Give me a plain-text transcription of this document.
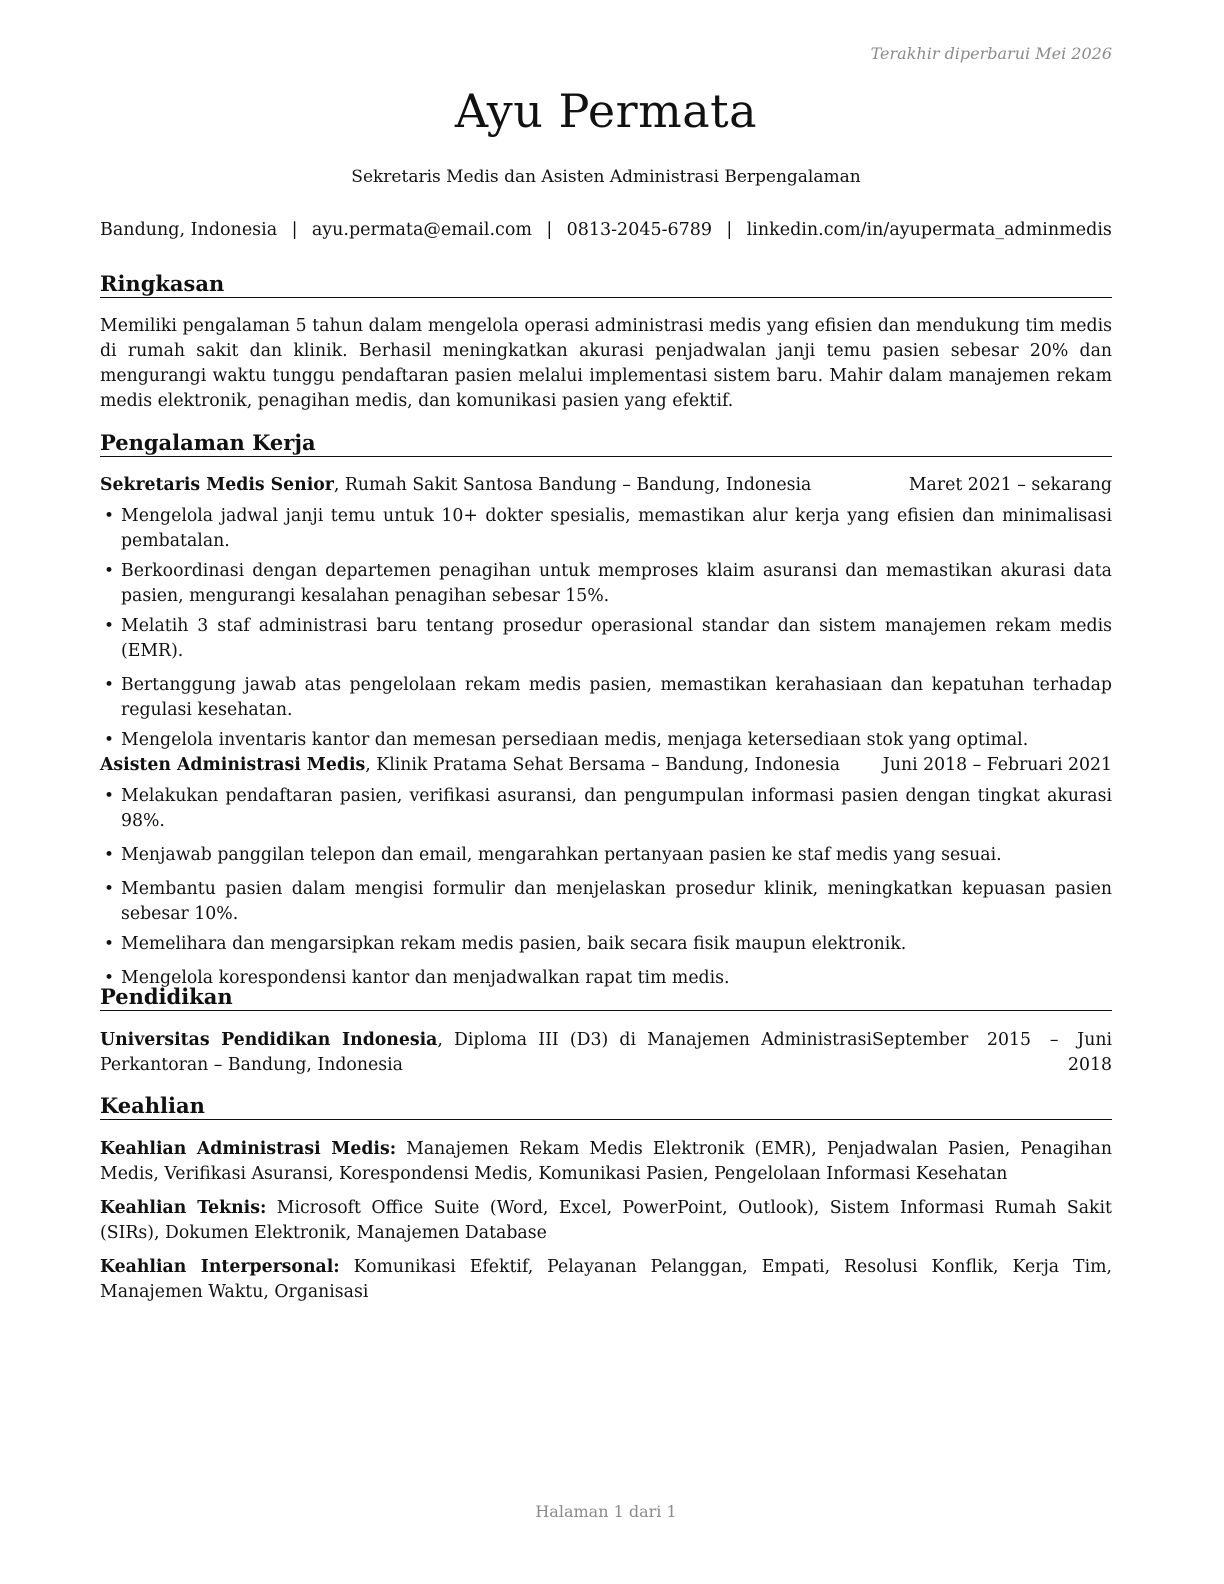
Terakhir diperbarui Mei 2026
Ayu Permata
Sekretaris Medis dan Asisten Administrasi Berpengalaman
Bandung, Indonesia | ayu.permata@email.com | 0813-2045-6789 | linkedin.com/in/ayupermata_adminmedis
Ringkasan

Memiliki pengalaman 5 tahun dalam mengelola operasi administrasi medis yang efisien dan mendukung tim medis di rumah sakit dan klinik. Berhasil meningkatkan akurasi penjadwalan janji temu pasien sebesar 20% dan mengurangi waktu tunggu pendaftaran pasien melalui implementasi sistem baru. Mahir dalam manajemen rekam medis elektronik, penagihan medis, dan komunikasi pasien yang efektif.

Pengalaman Kerja
Sekretaris Medis Senior, Rumah Sakit Santosa Bandung – Bandung, Indonesia	Maret 2021 – sekarang
• Mengelola jadwal janji temu untuk 10+ dokter spesialis, memastikan alur kerja yang efisien dan minimalisasi pembatalan.
• Berkoordinasi dengan departemen penagihan untuk memproses klaim asuransi dan memastikan akurasi data pasien, mengurangi kesalahan penagihan sebesar 15%.
• Melatih 3 staf administrasi baru tentang prosedur operasional standar dan sistem manajemen rekam medis (EMR).
• Bertanggung jawab atas pengelolaan rekam medis pasien, memastikan kerahasiaan dan kepatuhan terhadap regulasi kesehatan.
• Mengelola inventaris kantor dan memesan persediaan medis, menjaga ketersediaan stok yang optimal.
Asisten Administrasi Medis, Klinik Pratama Sehat Bersama – Bandung, Indonesia Juni 2018 – Februari 2021
• Melakukan pendaftaran pasien, verifikasi asuransi, dan pengumpulan informasi pasien dengan tingkat akurasi 98%.
• Menjawab panggilan telepon dan email, mengarahkan pertanyaan pasien ke staf medis yang sesuai.
• Membantu pasien dalam mengisi formulir dan menjelaskan prosedur klinik, meningkatkan kepuasan pasien sebesar 10%.
• Memelihara dan mengarsipkan rekam medis pasien, baik secara fisik maupun elektronik.
• Mengelola korespondensi kantor dan menjadwalkan rapat tim medis.
Pendidikan
Universitas Pendidikan Indonesia, Diploma III (D3) di Manajemen Administrasi Perkantoran – Bandung, Indonesia
September 2015 – Juni 2018
Keahlian

Keahlian Administrasi Medis: Manajemen Rekam Medis Elektronik (EMR), Penjadwalan Pasien, Penagihan Medis, Verifikasi Asuransi, Korespondensi Medis, Komunikasi Pasien, Pengelolaan Informasi Kesehatan

Keahlian Teknis: Microsoft Office Suite (Word, Excel, PowerPoint, Outlook), Sistem Informasi Rumah Sakit (SIRs), Dokumen Elektronik, Manajemen Database

Keahlian Interpersonal: Komunikasi Efektif, Pelayanan Pelanggan, Empati, Resolusi Konflik, Kerja Tim, Manajemen Waktu, Organisasi

Halaman 1 dari 1
